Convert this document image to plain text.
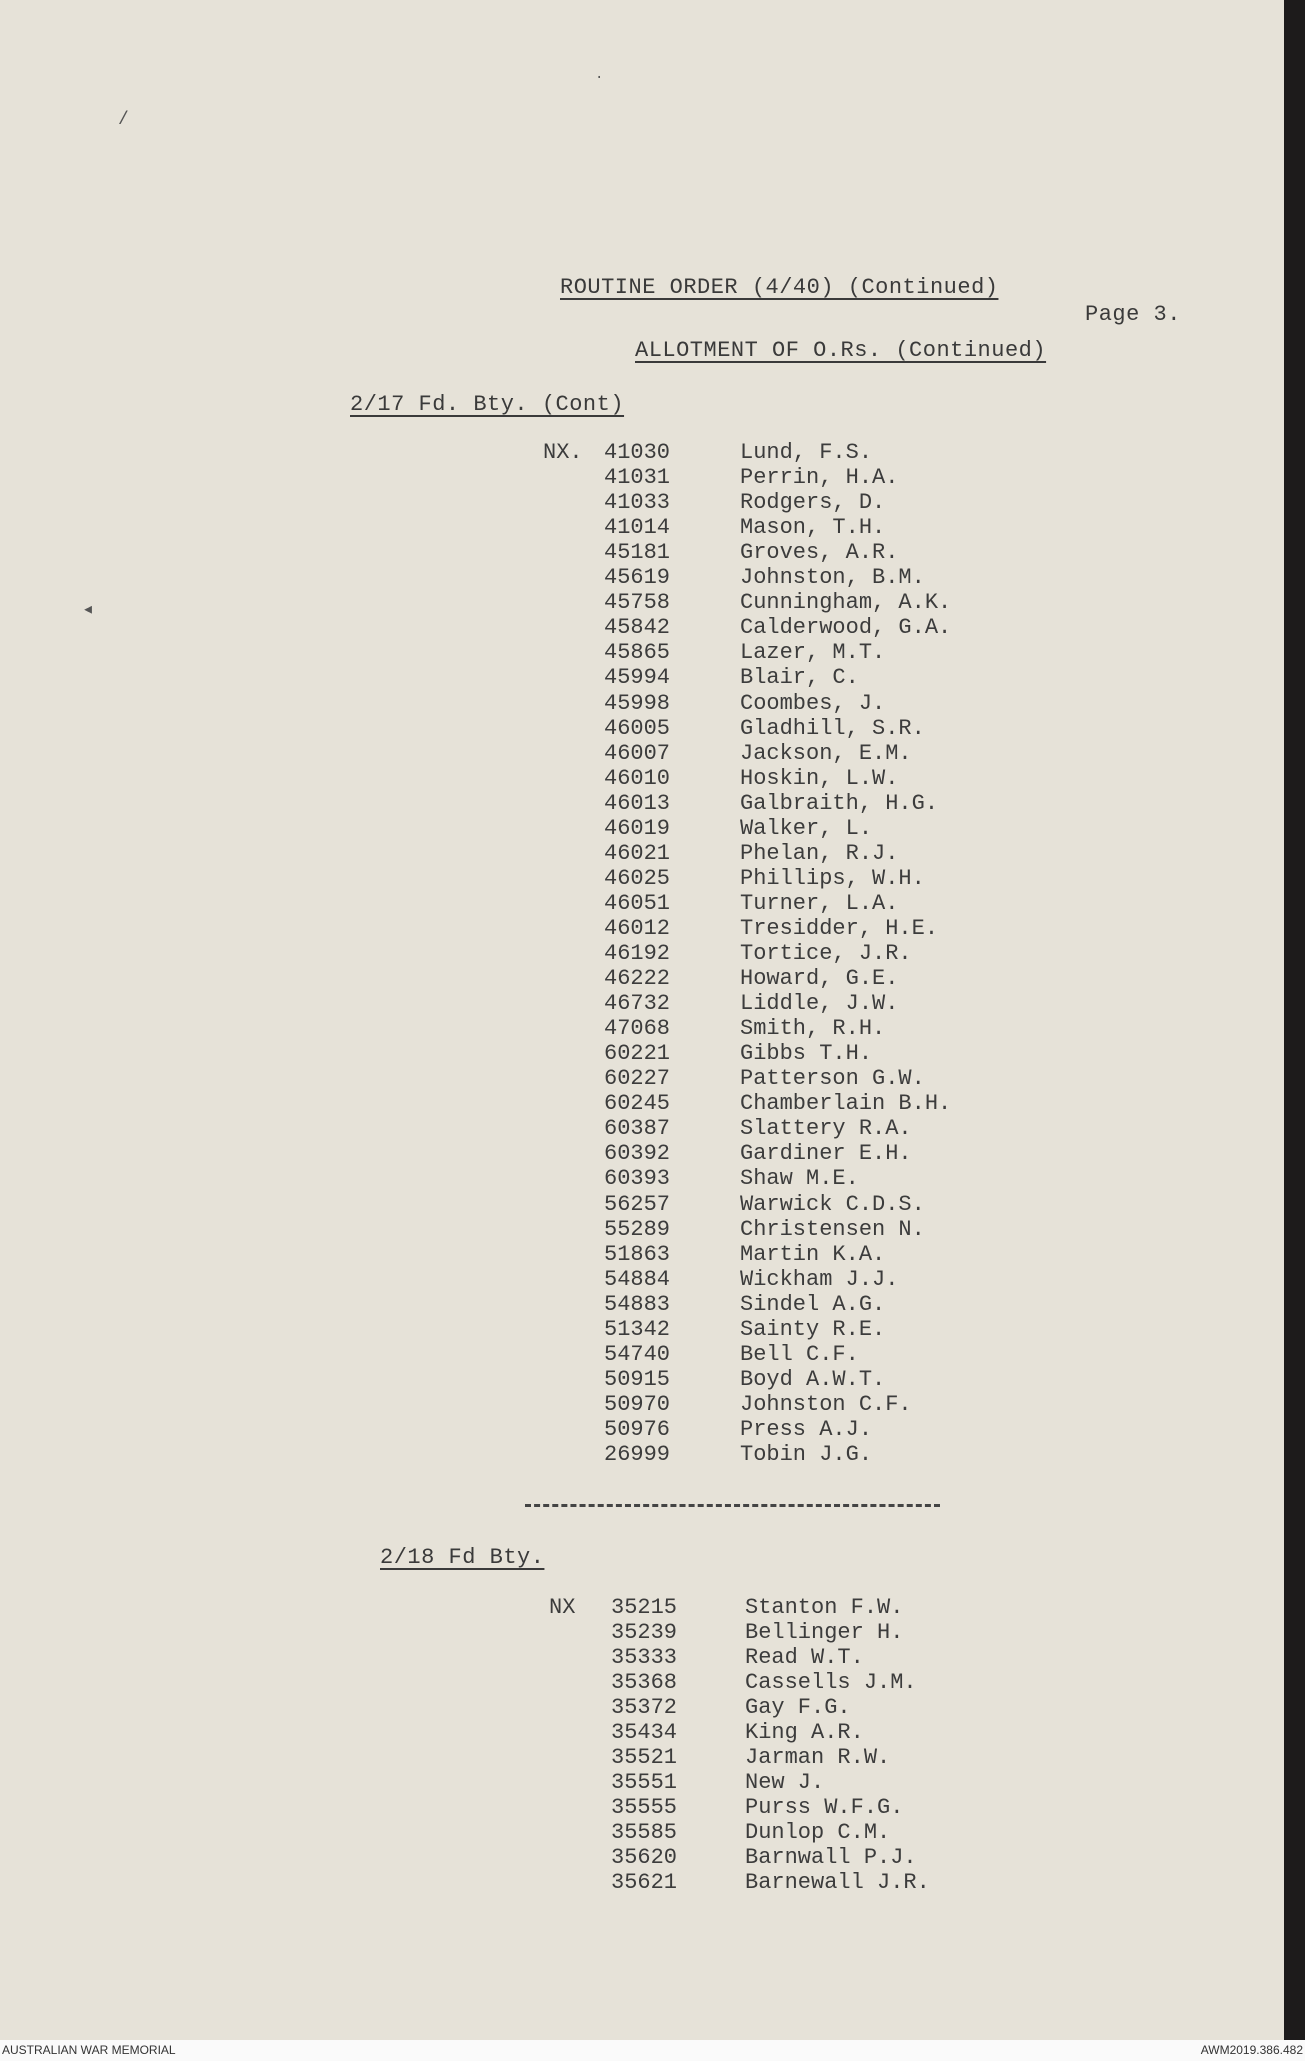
/
·
◂
ROUTINE ORDER (4/40) (Continued)
Page 3.
ALLOTMENT OF O.Rs. (Continued)
2/17 Fd. Bty. (Cont)
NX. 41030	Lund, F.S.
41031	Perrin, H.A.
41033	Rodgers, D.
41014	Mason, T.H.
45181	Groves, A.R.
45619	Johnston, B.M.
45758	Cunningham, A.K.
45842	Calderwood, G.A.
45865	Lazer, M.T.
45994	Blair, C.
45998	Coombes, J.
46005	Gladhill, S.R.
46007	Jackson, E.M.
46010	Hoskin, L.W.
46013	Galbraith, H.G.
46019	Walker, L.
46021	Phelan, R.J.
46025	Phillips, W.H.
46051	Turner, L.A.
46012	Tresidder, H.E.
46192	Tortice, J.R.
46222	Howard, G.E.
46732	Liddle, J.W.
47068	Smith, R.H.
60221	Gibbs T.H.
60227	Patterson G.W.
60245	Chamberlain B.H.
60387	Slattery R.A.
60392	Gardiner E.H.
60393	Shaw M.E.
56257	Warwick C.D.S.
55289	Christensen N.
51863	Martin K.A.
54884	Wickham J.J.
54883	Sindel A.G.
51342	Sainty R.E.
54740	Bell C.F.
50915	Boyd A.W.T.
50970	Johnston C.F.
50976	Press A.J.
26999	Tobin J.G.
2/18 Fd Bty.
NX 35215	Stanton F.W.
35239	Bellinger H.
35333	Read W.T.
35368	Cassells J.M.
35372	Gay F.G.
35434	King A.R.
35521	Jarman R.W.
35551	New J.
35555	Purss W.F.G.
35585	Dunlop C.M.
35620	Barnwall P.J.
35621	Barnewall J.R.
AUSTRALIAN WAR MEMORIAL	AWM2019.386.482
